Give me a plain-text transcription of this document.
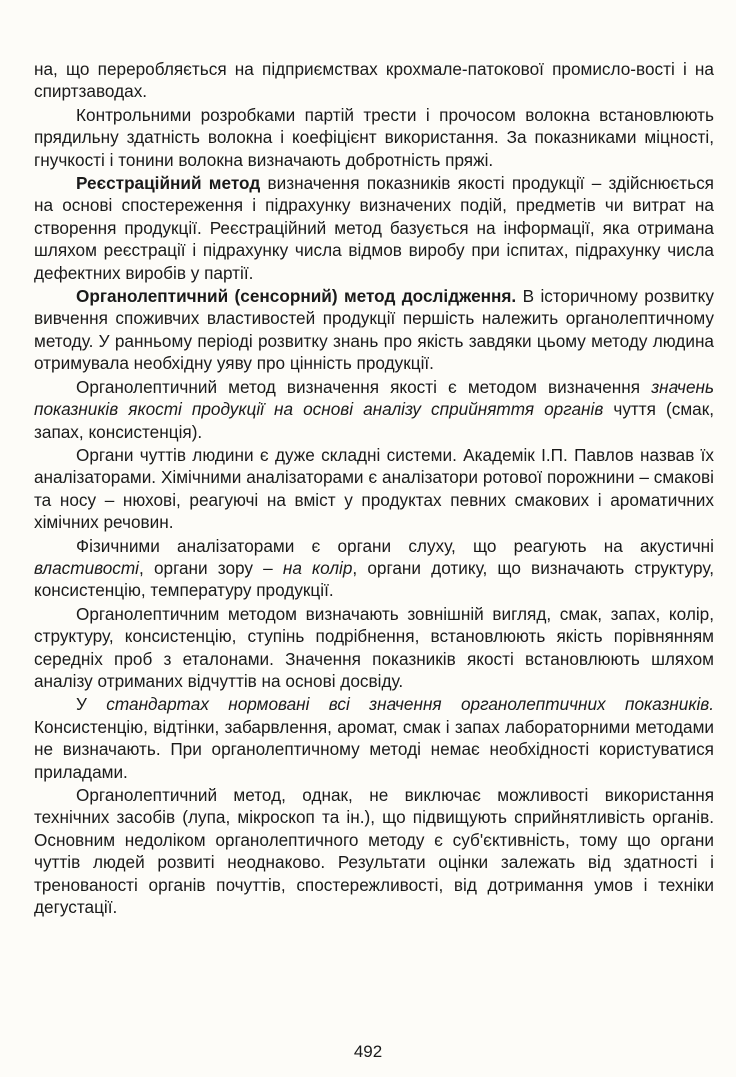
на, що переробляється на підприємствах крохмале-патокової промисло-вості і на спиртзаводах.

Контрольними розробками партій трести і прочосом волокна встановлюють прядильну здатність волокна і коефіцієнт використання. За показниками міцності, гнучкості і тонини волокна визначають добротність пряжі.

Реєстраційний метод визначення показників якості продукції – здійснюється на основі спостереження і підрахунку визначених подій, предметів чи витрат на створення продукції. Реєстраційний метод базується на інформації, яка отримана шляхом реєстрації і підрахунку числа відмов виробу при іспитах, підрахунку числа дефектних виробів у партії.

Органолептичний (сенсорний) метод дослідження. В історичному розвитку вивчення споживчих властивостей продукції першість належить органолептичному методу. У ранньому періоді розвитку знань про якість завдяки цьому методу людина отримувала необхідну уяву про цінність продукції.

Органолептичний метод визначення якості є методом визначення значень показників якості продукції на основі аналізу сприйняття органів чуття (смак, запах, консистенція).

Органи чуттів людини є дуже складні системи. Академік І.П. Павлов назвав їх аналізаторами. Хімічними аналізаторами є аналізатори ротової порожнини – смакові та носу – нюхові, реагуючі на вміст у продуктах певних смакових і ароматичних хімічних речовин.

Фізичними аналізаторами є органи слуху, що реагують на акустичні властивості, органи зору – на колір, органи дотику, що визначають структуру, консистенцію, температуру продукції.

Органолептичним методом визначають зовнішній вигляд, смак, запах, колір, структуру, консистенцію, ступінь подрібнення, встановлюють якість порівнянням середніх проб з еталонами. Значення показників якості встановлюють шляхом аналізу отриманих відчуттів на основі досвіду.

У стандартах нормовані всі значення органолептичних показників. Консистенцію, відтінки, забарвлення, аромат, смак і запах лабораторними методами не визначають. При органолептичному методі немає необхідності користуватися приладами.

Органолептичний метод, однак, не виключає можливості використання технічних засобів (лупа, мікроскоп та ін.), що підвищують сприйнятливість органів. Основним недоліком органолептичного методу є суб'єктивність, тому що органи чуттів людей розвиті неоднаково. Результати оцінки залежать від здатності і тренованості органів почуттів, спостережливості, від дотримання умов і техніки дегустації.

492
